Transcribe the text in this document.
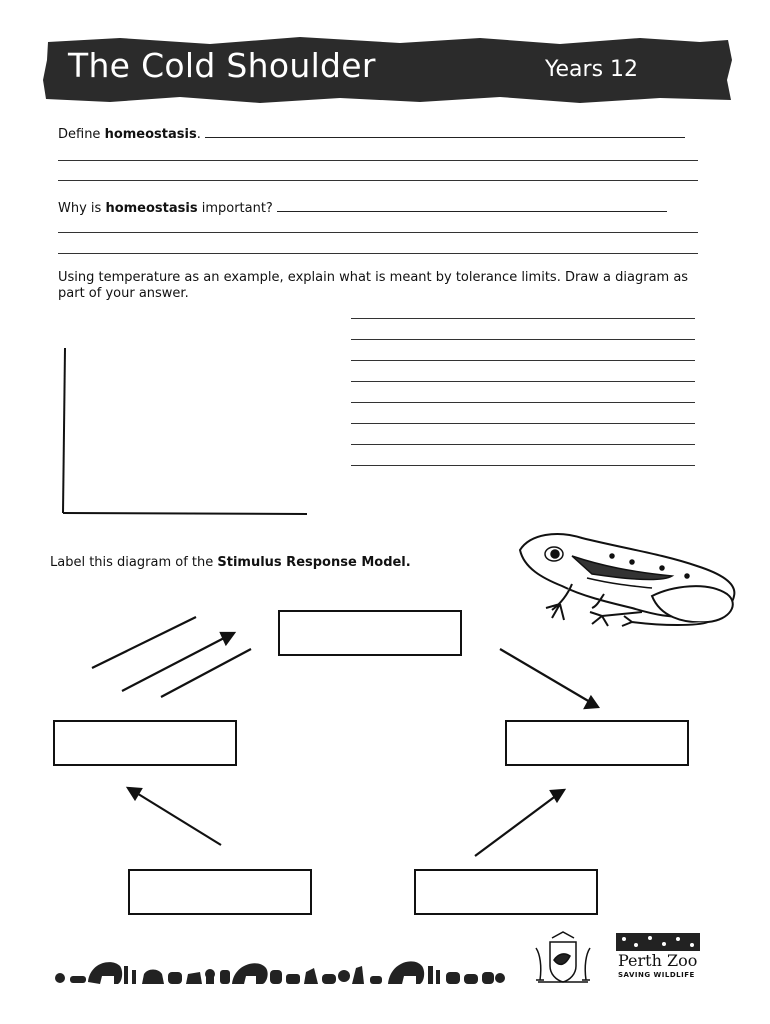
The Cold Shoulder	Years 12
Define homeostasis.
Why is homeostasis important?
Using temperature as an example, explain what is meant by tolerance limits. Draw a diagram as part of your answer.
Label this diagram of the Stimulus Response Model.
Perth Zoo
SAVING WILDLIFE
